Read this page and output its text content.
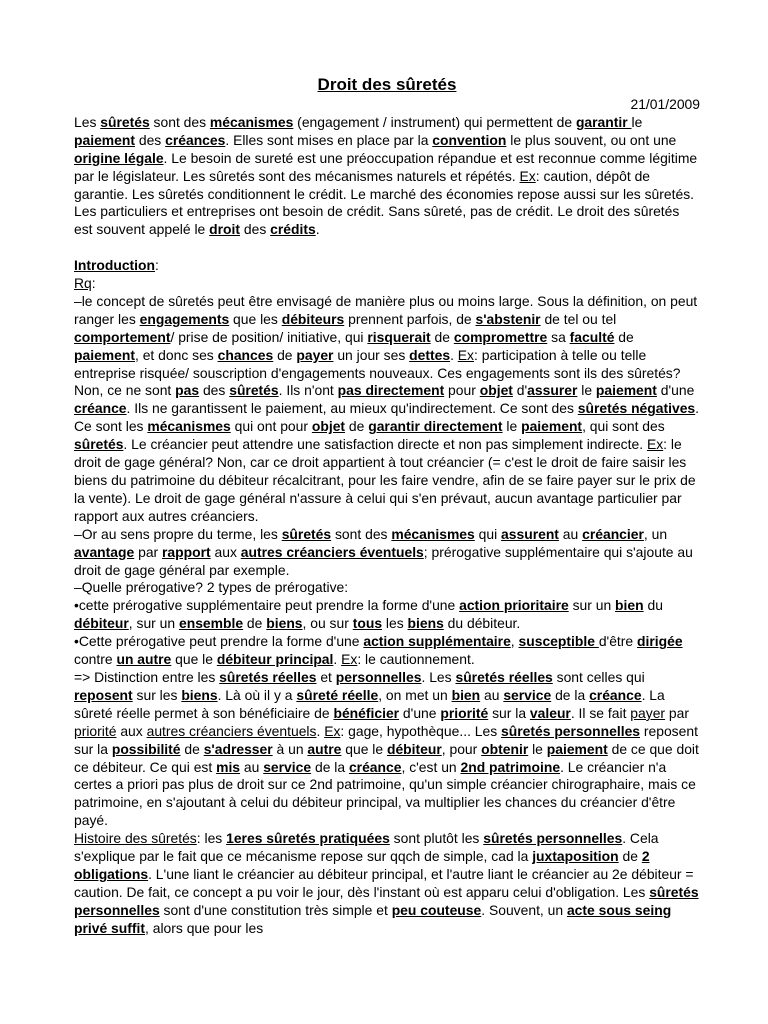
Droit des sûretés

21/01/2009

Les sûretés sont des mécanismes (engagement / instrument) qui permettent de garantir le paiement des créances. Elles sont mises en place par la convention le plus souvent, ou ont une origine légale. Le besoin de sureté est une préoccupation répandue et est reconnue comme légitime par le législateur. Les sûretés sont des mécanismes naturels et répétés. Ex: caution, dépôt de garantie. Les sûretés conditionnent le crédit. Le marché des économies repose aussi sur les sûretés. Les particuliers et entreprises ont besoin de crédit. Sans sûreté, pas de crédit. Le droit des sûretés est souvent appelé le droit des crédits.

Introduction:

Rq:

–le concept de sûretés peut être envisagé de manière plus ou moins large. Sous la définition, on peut ranger les engagements que les débiteurs prennent parfois, de s'abstenir de tel ou tel comportement/ prise de position/ initiative, qui risquerait de compromettre sa faculté de paiement, et donc ses chances de payer un jour ses dettes. Ex: participation à telle ou telle entreprise risquée/ souscription d'engagements nouveaux. Ces engagements sont ils des sûretés? Non, ce ne sont pas des sûretés. Ils n'ont pas directement pour objet d'assurer le paiement d'une créance. Ils ne garantissent le paiement, au mieux qu'indirectement. Ce sont des sûretés négatives.

Ce sont les mécanismes qui ont pour objet de garantir directement le paiement, qui sont des sûretés. Le créancier peut attendre une satisfaction directe et non pas simplement indirecte. Ex: le droit de gage général? Non, car ce droit appartient à tout créancier (= c'est le droit de faire saisir les biens du patrimoine du débiteur récalcitrant, pour les faire vendre, afin de se faire payer sur le prix de la vente). Le droit de gage général n'assure à celui qui s'en prévaut, aucun avantage particulier par rapport aux autres créanciers.

–Or au sens propre du terme, les sûretés sont des mécanismes qui assurent au créancier, un avantage par rapport aux autres créanciers éventuels; prérogative supplémentaire qui s'ajoute au droit de gage général par exemple.

–Quelle prérogative? 2 types de prérogative:

•cette prérogative supplémentaire peut prendre la forme d'une action prioritaire sur un bien du débiteur, sur un ensemble de biens, ou sur tous les biens du débiteur.

•Cette prérogative peut prendre la forme d'une action supplémentaire, susceptible d'être dirigée contre un autre que le débiteur principal. Ex: le cautionnement.

=> Distinction entre les sûretés réelles et personnelles. Les sûretés réelles sont celles qui reposent sur les biens. Là où il y a sûreté réelle, on met un bien au service de la créance. La sûreté réelle permet à son bénéficiaire de bénéficier d'une priorité sur la valeur. Il se fait payer par priorité aux autres créanciers éventuels. Ex: gage, hypothèque... Les sûretés personnelles reposent sur la possibilité de s'adresser à un autre que le débiteur, pour obtenir le paiement de ce que doit ce débiteur. Ce qui est mis au service de la créance, c'est un 2nd patrimoine. Le créancier n'a certes a priori pas plus de droit sur ce 2nd patrimoine, qu'un simple créancier chirographaire, mais ce patrimoine, en s'ajoutant à celui du débiteur principal, va multiplier les chances du créancier d'être payé.

Histoire des sûretés: les 1eres sûretés pratiquées sont plutôt les sûretés personnelles. Cela s'explique par le fait que ce mécanisme repose sur qqch de simple, cad la juxtaposition de 2 obligations. L'une liant le créancier au débiteur principal, et l'autre liant le créancier au 2e débiteur = caution. De fait, ce concept a pu voir le jour, dès l'instant où est apparu celui d'obligation. Les sûretés personnelles sont d'une constitution très simple et peu couteuse. Souvent, un acte sous seing privé suffit, alors que pour les
